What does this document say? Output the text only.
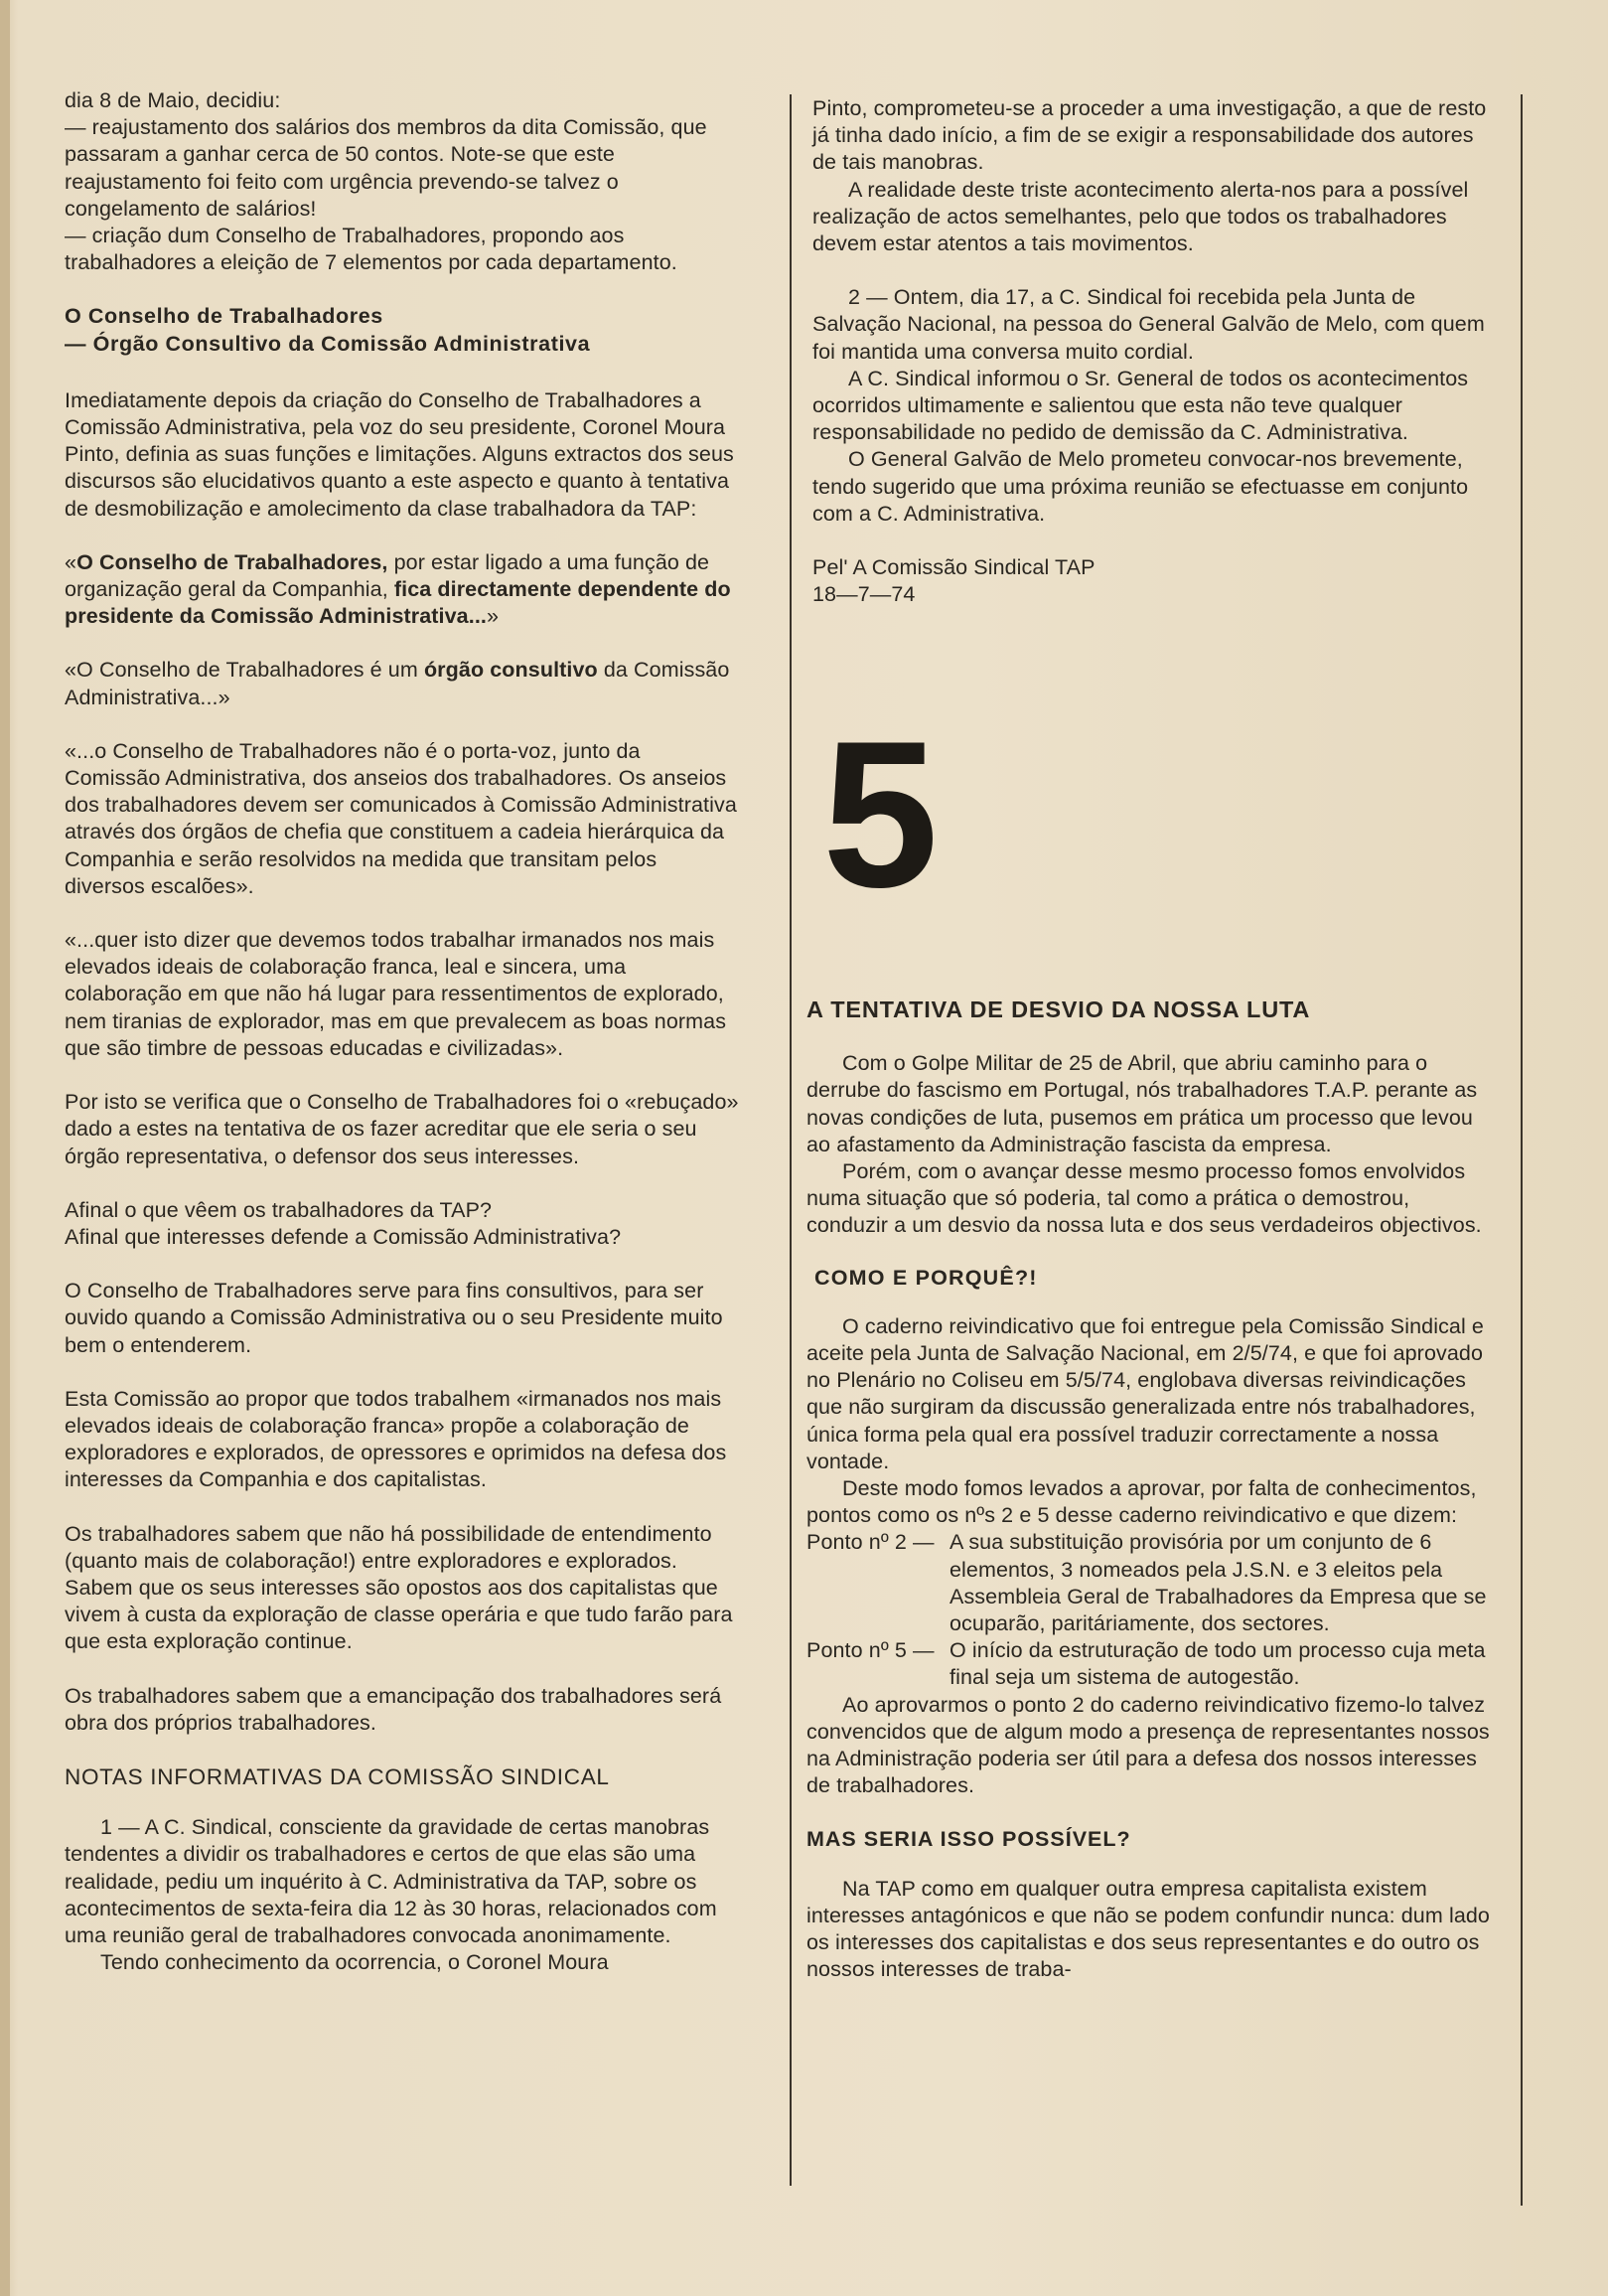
dia 8 de Maio, decidiu:

— reajustamento dos salários dos membros da dita Comissão, que passaram a ganhar cerca de 50 contos. Note-se que este reajustamento foi feito com urgência prevendo-se talvez o congelamento de salários!

— criação dum Conselho de Trabalhadores, propondo aos trabalhadores a eleição de 7 elementos por cada departamento.

O Conselho de Trabalhadores

— Órgão Consultivo da Comissão Administrativa

Imediatamente depois da criação do Conselho de Trabalhadores a Comissão Administrativa, pela voz do seu presidente, Coronel Moura Pinto, definia as suas funções e limitações. Alguns extractos dos seus discursos são elucidativos quanto a este aspecto e quanto à tentativa de desmobilização e amolecimento da clase trabalhadora da TAP:

«O Conselho de Trabalhadores, por estar ligado a uma função de organização geral da Companhia, fica directamente dependente do presidente da Comissão Administrativa...»

«O Conselho de Trabalhadores é um órgão consultivo da Comissão Administrativa...»

«...o Conselho de Trabalhadores não é o porta-voz, junto da Comissão Administrativa, dos anseios dos trabalhadores. Os anseios dos trabalhadores devem ser comunicados à Comissão Administrativa através dos órgãos de chefia que constituem a cadeia hierárquica da Companhia e serão resolvidos na medida que transitam pelos diversos escalões».

«...quer isto dizer que devemos todos trabalhar irmanados nos mais elevados ideais de colaboração franca, leal e sincera, uma colaboração em que não há lugar para ressentimentos de explorado, nem tiranias de explorador, mas em que prevalecem as boas normas que são timbre de pessoas educadas e civilizadas».

Por isto se verifica que o Conselho de Trabalhadores foi o «rebuçado» dado a estes na tentativa de os fazer acreditar que ele seria o seu órgão representativa, o defensor dos seus interesses.

Afinal o que vêem os trabalhadores da TAP?

Afinal que interesses defende a Comissão Administrativa?

O Conselho de Trabalhadores serve para fins consultivos, para ser ouvido quando a Comissão Administrativa ou o seu Presidente muito bem o entenderem.

Esta Comissão ao propor que todos trabalhem «irmanados nos mais elevados ideais de colaboração franca» propõe a colaboração de exploradores e explorados, de opressores e oprimidos na defesa dos interesses da Companhia e dos capitalistas.

Os trabalhadores sabem que não há possibilidade de entendimento (quanto mais de colaboração!) entre exploradores e explorados. Sabem que os seus interesses são opostos aos dos capitalistas que vivem à custa da exploração de classe operária e que tudo farão para que esta exploração continue.

Os trabalhadores sabem que a emancipação dos trabalhadores será obra dos próprios trabalhadores.

NOTAS INFORMATIVAS DA COMISSÃO SINDICAL

1 — A C. Sindical, consciente da gravidade de certas manobras tendentes a dividir os trabalhadores e certos de que elas são uma realidade, pediu um inquérito à C. Administrativa da TAP, sobre os acontecimentos de sexta-feira dia 12 às 30 horas, relacionados com uma reunião geral de trabalhadores convocada anonimamente.

Tendo conhecimento da ocorrencia, o Coronel Moura

Pinto, comprometeu-se a proceder a uma investigação, a que de resto já tinha dado início, a fim de se exigir a responsabilidade dos autores de tais manobras.

A realidade deste triste acontecimento alerta-nos para a possível realização de actos semelhantes, pelo que todos os trabalhadores devem estar atentos a tais movimentos.

2 — Ontem, dia 17, a C. Sindical foi recebida pela Junta de Salvação Nacional, na pessoa do General Galvão de Melo, com quem foi mantida uma conversa muito cordial.

A C. Sindical informou o Sr. General de todos os acontecimentos ocorridos ultimamente e salientou que esta não teve qualquer responsabilidade no pedido de demissão da C. Administrativa.

O General Galvão de Melo prometeu convocar-nos brevemente, tendo sugerido que uma próxima reunião se efectuasse em conjunto com a C. Administrativa.

Pel' A Comissão Sindical TAP

18—7—74

5

A TENTATIVA DE DESVIO DA NOSSA LUTA

Com o Golpe Militar de 25 de Abril, que abriu caminho para o derrube do fascismo em Portugal, nós trabalhadores T.A.P. perante as novas condições de luta, pusemos em prática um processo que levou ao afastamento da Administração fascista da empresa.

Porém, com o avançar desse mesmo processo fomos envolvidos numa situação que só poderia, tal como a prática o demostrou, conduzir a um desvio da nossa luta e dos seus verdadeiros objectivos.

COMO E PORQUÊ?!

O caderno reivindicativo que foi entregue pela Comissão Sindical e aceite pela Junta de Salvação Nacional, em 2/5/74, e que foi aprovado no Plenário no Coliseu em 5/5/74, englobava diversas reivindicações que não surgiram da discussão generalizada entre nós trabalhadores, única forma pela qual era possível traduzir correctamente a nossa vontade.

Deste modo fomos levados a aprovar, por falta de conhecimentos, pontos como os nºs 2 e 5 desse caderno reivindicativo e que dizem:

Ponto nº 2 — A sua substituição provisória por um conjunto de 6 elementos, 3 nomeados pela J.S.N. e 3 eleitos pela Assembleia Geral de Trabalhadores da Empresa que se ocuparão, paritáriamente, dos sectores.
Ponto nº 5 — O início da estruturação de todo um processo cuja meta final seja um sistema de autogestão.

Ao aprovarmos o ponto 2 do caderno reivindicativo fizemo-lo talvez convencidos que de algum modo a presença de representantes nossos na Administração poderia ser útil para a defesa dos nossos interesses de trabalhadores.

MAS SERIA ISSO POSSÍVEL?

Na TAP como em qualquer outra empresa capitalista existem interesses antagónicos e que não se podem confundir nunca: dum lado os interesses dos capitalistas e dos seus representantes e do outro os nossos interesses de traba-
